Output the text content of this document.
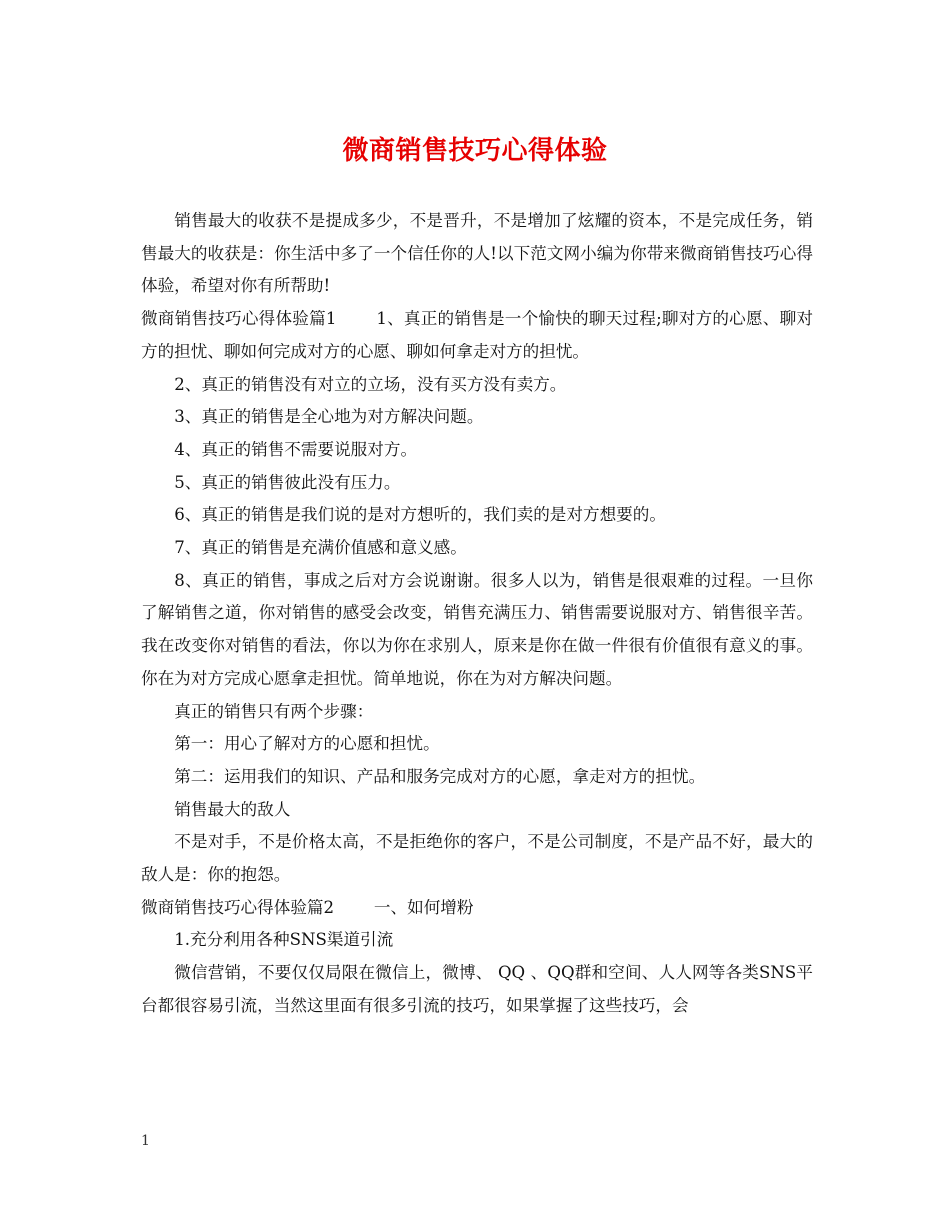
微商销售技巧心得体验

销售最大的收获不是提成多少，不是晋升，不是增加了炫耀的资本，不是完成任务，销售最大的收获是：你生活中多了一个信任你的人!以下范文网小编为你带来微商销售技巧心得体验，希望对你有所帮助!

微商销售技巧心得体验篇1 1、真正的销售是一个愉快的聊天过程;聊对方的心愿、聊对方的担忧、聊如何完成对方的心愿、聊如何拿走对方的担忧。

2、真正的销售没有对立的立场，没有买方没有卖方。

3、真正的销售是全心地为对方解决问题。

4、真正的销售不需要说服对方。

5、真正的销售彼此没有压力。

6、真正的销售是我们说的是对方想听的，我们卖的是对方想要的。

7、真正的销售是充满价值感和意义感。

8、真正的销售，事成之后对方会说谢谢。很多人以为，销售是很艰难的过程。一旦你了解销售之道，你对销售的感受会改变，销售充满压力、销售需要说服对方、销售很辛苦。我在改变你对销售的看法，你以为你在求别人，原来是你在做一件很有价值很有意义的事。你在为对方完成心愿拿走担忧。简单地说，你在为对方解决问题。

真正的销售只有两个步骤：

第一：用心了解对方的心愿和担忧。

第二：运用我们的知识、产品和服务完成对方的心愿，拿走对方的担忧。

销售最大的敌人

不是对手，不是价格太高，不是拒绝你的客户，不是公司制度，不是产品不好，最大的敌人是：你的抱怨。

微商销售技巧心得体验篇2 一、如何增粉

1.充分利用各种SNS渠道引流

微信营销，不要仅仅局限在微信上，微博、 QQ 、QQ群和空间、人人网等各类SNS平台都很容易引流，当然这里面有很多引流的技巧，如果掌握了这些技巧，会

1
